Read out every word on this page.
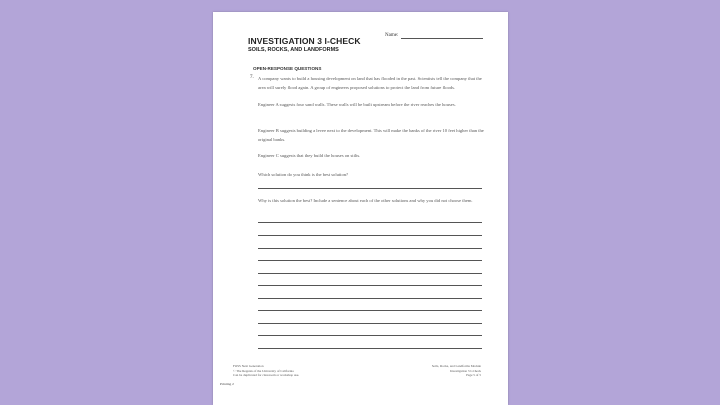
Name:
INVESTIGATION 3 I-CHECK
SOILS, ROCKS, AND LANDFORMS
OPEN-RESPONSE QUESTIONS
7. A company wants to build a housing development on land that has flooded in the past. Scientists tell the company that the area will surely flood again. A group of engineers proposed solutions to protect the land from future floods.
Engineer A suggests four sand walls. These walls will be built upstream before the river reaches the houses.
Engineer B suggests building a levee next to the development. This will make the banks of the river 10 feet higher than the original banks.
Engineer C suggests that they build the houses on stilts.
Which solution do you think is the best solution?
Why is this solution the best? Include a sentence about each of the other solutions and why you did not choose them.
FOSS Next Generation
© The Regents of the University of California
Can be duplicated for classroom or workshop use.
Soils, Rocks, and Landforms Module
Investigation 3 I-Check
Page 5 of 5
Printing 2
